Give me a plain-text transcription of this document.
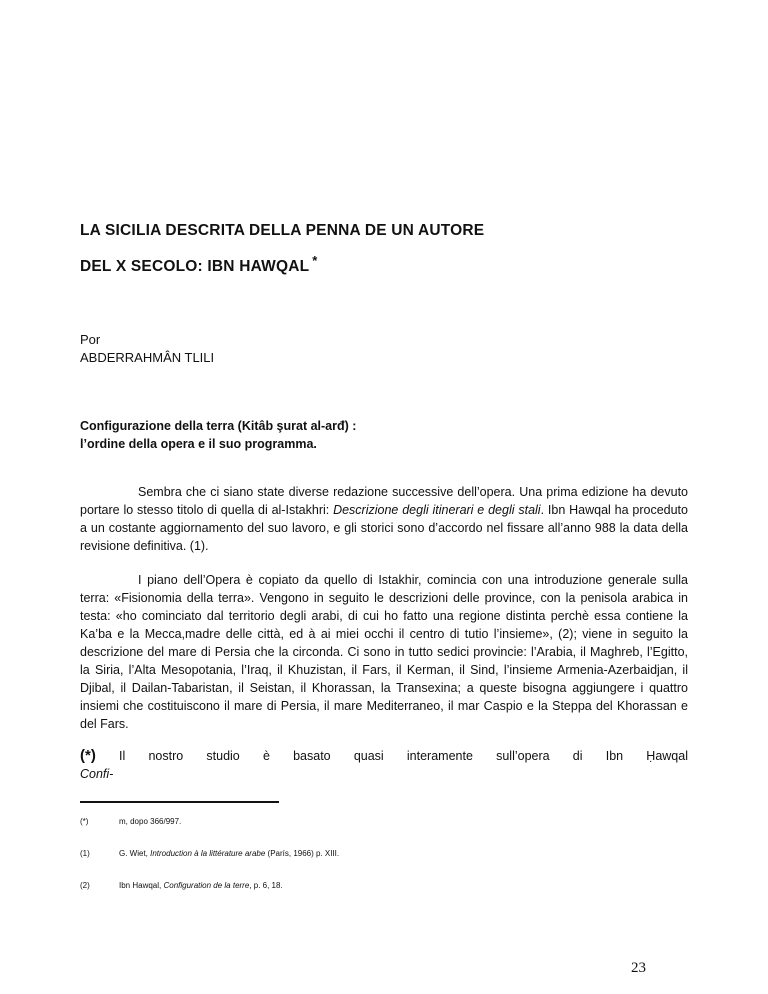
LA SICILIA DESCRITA DELLA PENNA DE UN AUTORE
DEL X SECOLO: IBN HAWQAL *
Por
ABDERRAHMÂN TLILI
Configurazione della terra (Kitâb şurat al-arđ) :
l’ordine della opera e il suo programma.

Sembra che ci siano state diverse redazione successive dell’opera. Una prima edizione ha devuto portare lo stesso titolo di quella di al-Istakhri: Descrizione degli itinerari e degli stali. Ibn Hawqal ha proceduto a un costante aggiornamento del suo lavoro, e gli storici sono d’accordo nel fissare all’anno 988 la data della revisione definitiva. (1).

I piano dell’Opera è copiato da quello di Istakhir, comincia con una introduzione generale sulla terra: «Fisionomia della terra». Vengono in seguito le descrizioni delle province, con la penisola arabica in testa: «ho cominciato dal territorio degli arabi, di cui ho fatto una regione distinta perchè essa contiene la Ka’ba e la Mecca,madre delle città, ed à ai miei occhi il centro di tutio l’insieme», (2); viene in seguito la descrizione del mare di Persia che la circonda. Ci sono in tutto sedici provincie: l’Arabia, il Maghreb, l’Egitto, la Siria, l’Alta Mesopotania, l’Iraq, il Khuzistan, il Fars, il Kerman, il Sind, l’insieme Armenia-Azerbaidjan, il Djibal, il Dailan-Tabaristan, il Seistan, il Khorassan, la Transexina; a queste bisogna aggiungere i quattro insiemi che costituiscono il mare di Persia, il mare Mediterraneo, il mar Caspio e la Steppa del Khorassan e del Fars.

(*) Il nostro studio è basato quasi interamente sull’opera di Ibn Ḥawqal Confi-

(*)	m, dopo 366/997.
(1)	G. Wiet, Introduction à la littérature arabe (París, 1966) p. XIII.
(2)	Ibn Hawqal, Configuration de la terre, p. 6, 18.
23
